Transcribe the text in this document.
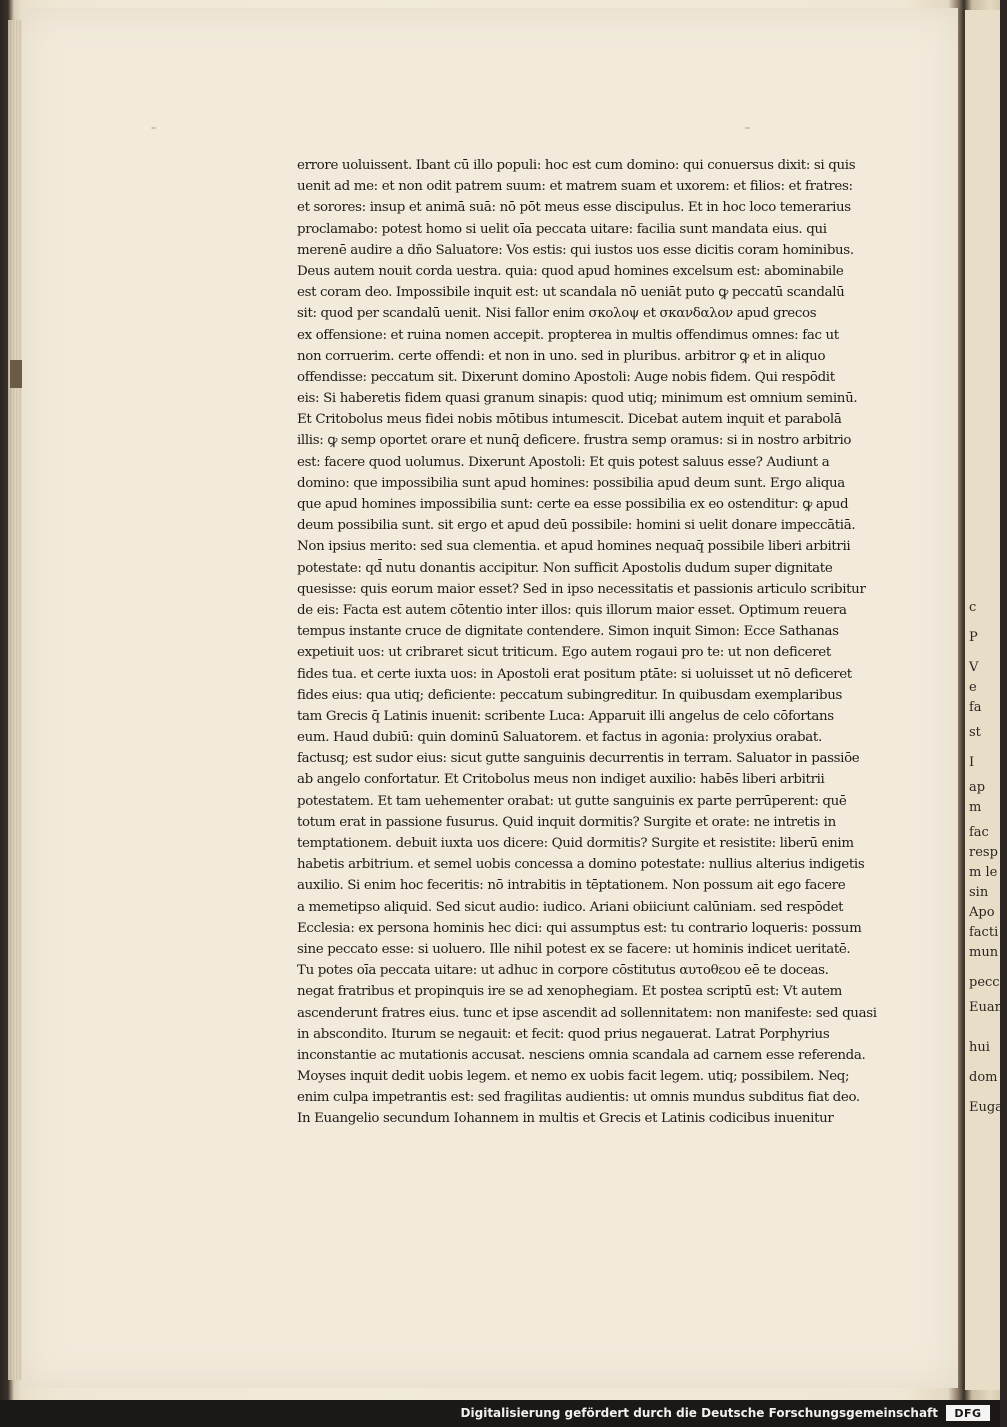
ˉ	ˉ
c
P
V
e
fa
st
I
ap
m
fac
resp
m le
sin
Apo
facti
mun
pecca
Euan
hui
dom
Euga
errore uoluissent. Ibant cū illo populi: hoc est cum domino: qui conuersus dixit: si quis
uenit ad me: et non odit patrem suum: et matrem suam et uxorem: et filios: et fratres:
et sorores: insup et animā suā: nō pōt meus esse discipulus. Et in hoc loco temerarius
proclamabo: potest homo si uelit oīa peccata uitare: facilia sunt mandata eius. qui
merenē audire a dño Saluatore: Vos estis: qui iustos uos esse dicitis coram hominibus.
Deus autem nouit corda uestra. quia: quod apud homines excelsum est: abominabile
est coram deo. Impossibile inquit est: ut scandala nō ueniāt puto ꝙ peccatū scandalū
sit: quod per scandalū uenit. Nisi fallor enim σκολοψ et σκανδαλον apud grecos
ex offensione: et ruina nomen accepit. propterea in multis offendimus omnes: fac ut
non corruerim. certe offendi: et non in uno. sed in pluribus. arbitror ꝙ et in aliquo
offendisse: peccatum sit. Dixerunt domino Apostoli: Auge nobis fidem. Qui respōdit
eis: Si haberetis fidem quasi granum sinapis: quod utiq; minimum est omnium seminū.
Et Critobolus meus fidei nobis mōtibus intumescit. Dicebat autem inquit et parabolā
illis: ꝙ semp oportet orare et nunq̄ deficere. frustra semp oramus: si in nostro arbitrio
est: facere quod uolumus. Dixerunt Apostoli: Et quis potest saluus esse? Audiunt a
domino: que impossibilia sunt apud homines: possibilia apud deum sunt. Ergo aliqua
que apud homines impossibilia sunt: certe ea esse possibilia ex eo ostenditur: ꝙ apud
deum possibilia sunt. sit ergo et apud deū possibile: homini si uelit donare impeccātiā.
Non ipsius merito: sed sua clementia. et apud homines nequaq̄ possibile liberi arbitrii
potestate: qd̄ nutu donantis accipitur. Non sufficit Apostolis dudum super dignitate
quesisse: quis eorum maior esset? Sed in ipso necessitatis et passionis articulo scribitur
de eis: Facta est autem cōtentio inter illos: quis illorum maior esset. Optimum reuera
tempus instante cruce de dignitate contendere. Simon inquit Simon: Ecce Sathanas
expetiuit uos: ut cribraret sicut triticum. Ego autem rogaui pro te: ut non deficeret
fides tua. et certe iuxta uos: in Apostoli erat positum ptāte: si uoluisset ut nō deficeret
fides eius: qua utiq; deficiente: peccatum subingreditur. In quibusdam exemplaribus
tam Grecis q̄ Latinis inuenit: scribente Luca: Apparuit illi angelus de celo cōfortans
eum. Haud dubiū: quin dominū Saluatorem. et factus in agonia: prolyxius orabat.
factusq; est sudor eius: sicut gutte sanguinis decurrentis in terram. Saluator in passiōe
ab angelo confortatur. Et Critobolus meus non indiget auxilio: habēs liberi arbitrii
potestatem. Et tam uehementer orabat: ut gutte sanguinis ex parte perrūperent: quē
totum erat in passione fusurus. Quid inquit dormitis? Surgite et orate: ne intretis in
temptationem. debuit iuxta uos dicere: Quid dormitis? Surgite et resistite: liberū enim
habetis arbitrium. et semel uobis concessa a domino potestate: nullius alterius indigetis
auxilio. Si enim hoc feceritis: nō intrabitis in tēptationem. Non possum ait ego facere
a memetipso aliquid. Sed sicut audio: iudico. Ariani obiiciunt calūniam. sed respōdet
Ecclesia: ex persona hominis hec dici: qui assumptus est: tu contrario loqueris: possum
sine peccato esse: si uoluero. Ille nihil potest ex se facere: ut hominis indicet ueritatē.
Tu potes oīa peccata uitare: ut adhuc in corpore cōstitutus αυτοθεου eē te doceas.
negat fratribus et propinquis ire se ad xenophegiam. Et postea scriptū est: Vt autem
ascenderunt fratres eius. tunc et ipse ascendit ad sollennitatem: non manifeste: sed quasi
in abscondito. Iturum se negauit: et fecit: quod prius negauerat. Latrat Porphyrius
inconstantie ac mutationis accusat. nesciens omnia scandala ad carnem esse referenda.
Moyses inquit dedit uobis legem. et nemo ex uobis facit legem. utiq; possibilem. Neq;
enim culpa impetrantis est: sed fragilitas audientis: ut omnis mundus subditus fiat deo.
In Euangelio secundum Iohannem in multis et Grecis et Latinis codicibus inuenitur
Digitalisierung gefördert durch die Deutsche Forschungsgemeinschaft	DFG
